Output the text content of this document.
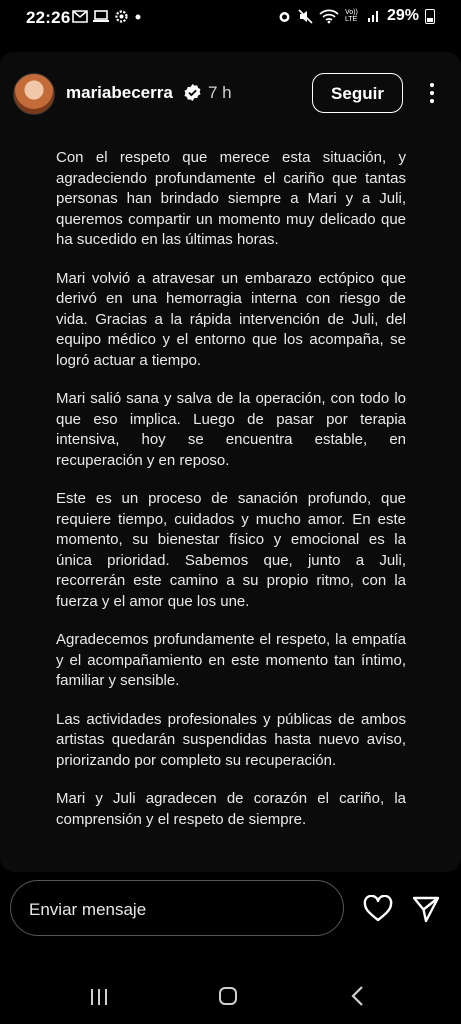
22:26	Vo)) LTE 29%
mariabecerra 7 h	Seguir

Con el respeto que merece esta situación, y agradeciendo profundamente el cariño que tantas personas han brindado siempre a Mari y a Juli, queremos compartir un momento muy delicado que ha sucedido en las últimas horas.

Mari volvió a atravesar un embarazo ectópico que derivó en una hemorragia interna con riesgo de vida. Gracias a la rápida intervención de Juli, del equipo médico y el entorno que los acompaña, se logró actuar a tiempo.

Mari salió sana y salva de la operación, con todo lo que eso implica. Luego de pasar por terapia intensiva, hoy se encuentra estable, en recuperación y en reposo.

Este es un proceso de sanación profundo, que requiere tiempo, cuidados y mucho amor. En este momento, su bienestar físico y emocional es la única prioridad. Sabemos que, junto a Juli, recorrerán este camino a su propio ritmo, con la fuerza y el amor que los une.

Agradecemos profundamente el respeto, la empatía y el acompañamiento en este momento tan íntimo, familiar y sensible.

Las actividades profesionales y públicas de ambos artistas quedarán suspendidas hasta nuevo aviso, priorizando por completo su recuperación.

Mari y Juli agradecen de corazón el cariño, la comprensión y el respeto de siempre.

Enviar mensaje
